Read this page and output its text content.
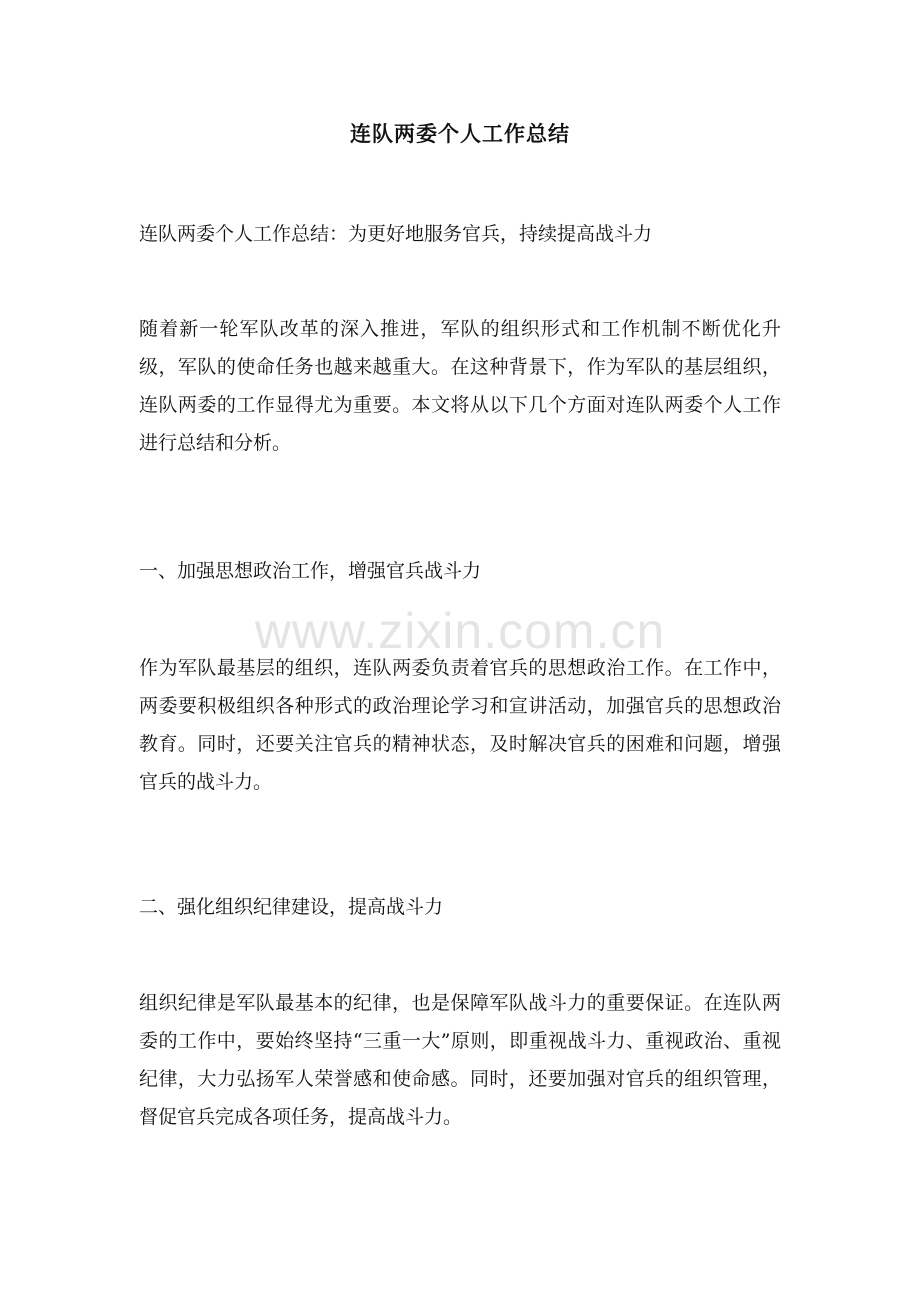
连队两委个人工作总结
连队两委个人工作总结：为更好地服务官兵，持续提高战斗力
随着新一轮军队改革的深入推进，军队的组织形式和工作机制不断优化升级，军队的使命任务也越来越重大。在这种背景下，作为军队的基层组织，连队两委的工作显得尤为重要。本文将从以下几个方面对连队两委个人工作进行总结和分析。
一、加强思想政治工作，增强官兵战斗力
作为军队最基层的组织，连队两委负责着官兵的思想政治工作。在工作中，两委要积极组织各种形式的政治理论学习和宣讲活动，加强官兵的思想政治教育。同时，还要关注官兵的精神状态，及时解决官兵的困难和问题，增强官兵的战斗力。
二、强化组织纪律建设，提高战斗力
组织纪律是军队最基本的纪律，也是保障军队战斗力的重要保证。在连队两委的工作中，要始终坚持“三重一大”原则，即重视战斗力、重视政治、重视纪律，大力弘扬军人荣誉感和使命感。同时，还要加强对官兵的组织管理，督促官兵完成各项任务，提高战斗力。
www.zixin.com.cn
